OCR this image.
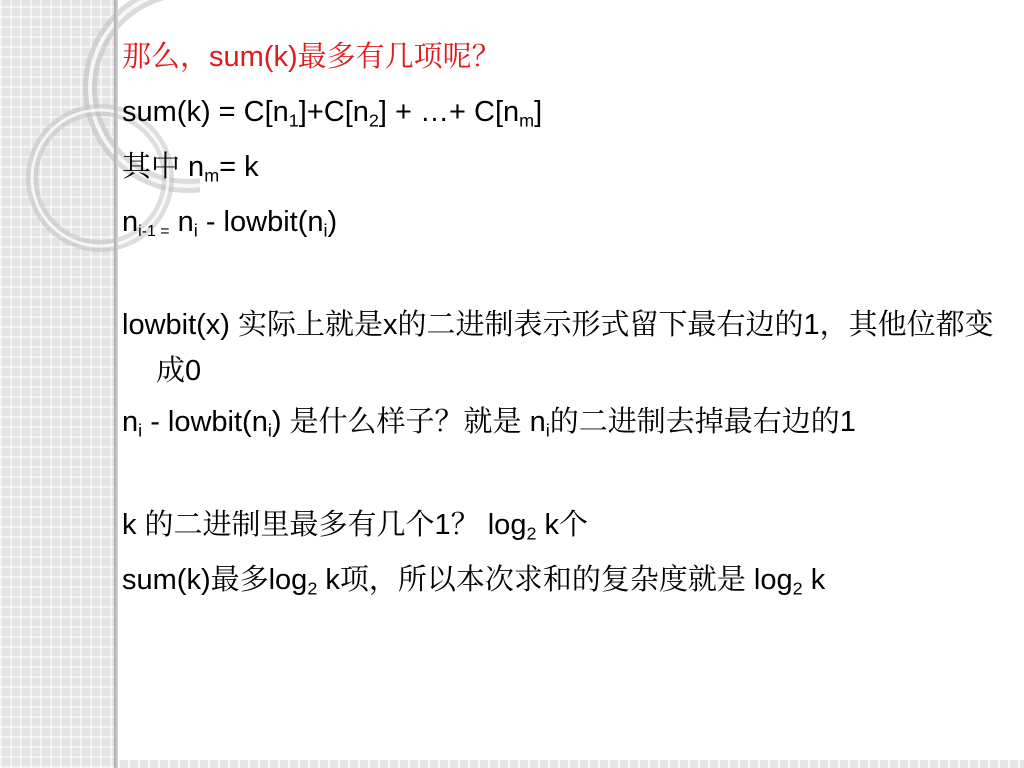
那么，sum(k)最多有几项呢？

$sum(k) = C[n_1]+C[n_2]$ + …+ $C[n_m]$

其中 $n_m= k$

$n_{i-1 =}$ $n_i$ - $lowbit(n_i)$

lowbit(x) 实际上就是x的二进制表示形式留下最右边的1，其他位都变成0

$n_i$ - $lowbit(n_i)$ 是什么样子？就是 $n_i$的二进制去掉最右边的1

k 的二进制里最多有几个1？ $\log_2 k$个

sum(k)最多$\log_2 k$项，所以本次求和的复杂度就是 $\log_2 k$
